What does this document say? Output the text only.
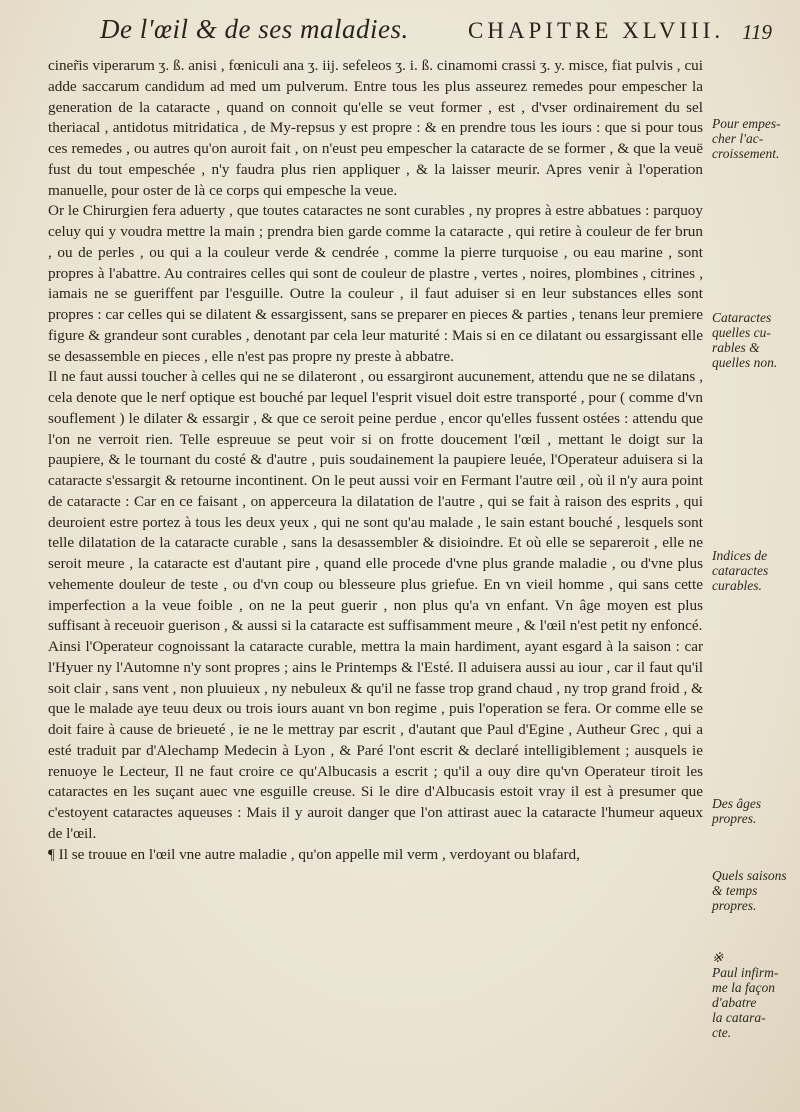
De l'œil & de ses maladies.	CHAPITRE XLVIII. 119

ciner̃is viperarum ʒ. ß. anisi , fœniculi ana ʒ. iij. sefeleos ʒ. i. ß. cinamomi crassi ʒ. y. misce, fiat pulvis , cui adde saccarum candidum ad med um pulverum. Entre tous les plus asseurez remedes pour empescher la generation de la cataracte , quand on connoit qu'elle se veut former , est , d'vser ordinairement du sel theriacal , antidotus mitridatica , de My-repsus y est propre : & en prendre tous les iours : que si pour tous ces remedes , ou autres qu'on auroit fait , on n'eust peu empescher la cataracte de se former , & que la veuë fust du tout empeschée , n'y faudra plus rien appliquer , & la laisser meurir. Apres venir à l'operation manuelle, pour oster de là ce corps qui empesche la veue.

Or le Chirurgien fera aduerty , que toutes cataractes ne sont curables , ny propres à estre abbatues : parquoy celuy qui y voudra mettre la main ; prendra bien garde comme la cataracte , qui retire à couleur de fer brun , ou de perles , ou qui a la couleur verde & cendrée , comme la pierre turquoise , ou eau marine , sont propres à l'abattre. Au contraires celles qui sont de couleur de plastre , vertes , noires, plombines , citrines , iamais ne se gueriffent par l'esguille. Outre la couleur , il faut aduiser si en leur substances elles sont propres : car celles qui se dilatent & essargissent, sans se preparer en pieces & parties , tenans leur premiere figure & grandeur sont curables , denotant par cela leur maturité : Mais si en ce dilatant ou essargissant elle se desassemble en pieces , elle n'est pas propre ny preste à abbatre.

Il ne faut aussi toucher à celles qui ne se dilateront , ou essargiront aucunement, attendu que ne se dilatans , cela denote que le nerf optique est bouché par lequel l'esprit visuel doit estre transporté , pour ( comme d'vn souflement ) le dilater & essargir , & que ce seroit peine perdue , encor qu'elles fussent ostées : attendu que l'on ne verroit rien. Telle espreuue se peut voir si on frotte doucement l'œil , mettant le doigt sur la paupiere, & le tournant du costé & d'autre , puis soudainement la paupiere leuée, l'Operateur aduisera si la cataracte s'essargit & retourne incontinent. On le peut aussi voir en Fermant l'autre œil , où il n'y aura point de cataracte : Car en ce faisant , on apperceura la dilatation de l'autre , qui se fait à raison des esprits , qui deuroient estre portez à tous les deux yeux , qui ne sont qu'au malade , le sain estant bouché , lesquels sont telle dilatation de la cataracte curable , sans la desassembler & disioindre. Et où elle se separeroit , elle ne seroit meure , la cataracte est d'autant pire , quand elle procede d'vne plus grande maladie , ou d'vne plus vehemente douleur de teste , ou d'vn coup ou blesseure plus griefue. En vn vieil homme , qui sans cette imperfection a la veue foible , on ne la peut guerir , non plus qu'a vn enfant. Vn âge moyen est plus suffisant à receuoir guerison , & aussi si la cataracte est suffisamment meure , & l'œil n'est petit ny enfoncé.

Ainsi l'Operateur cognoissant la cataracte curable, mettra la main hardiment, ayant esgard à la saison : car l'Hyuer ny l'Automne n'y sont propres ; ains le Printemps & l'Esté. Il aduisera aussi au iour , car il faut qu'il soit clair , sans vent , non pluuieux , ny nebuleux & qu'il ne fasse trop grand chaud , ny trop grand froid , & que le malade aye teuu deux ou trois iours auant vn bon regime , puis l'operation se fera. Or comme elle se doit faire à cause de brieueté , ie ne le mettray par escrit , d'autant que Paul d'Egine , Autheur Grec , qui a esté traduit par d'Alechamp Medecin à Lyon , & Paré l'ont escrit & declaré intelligiblement ; ausquels ie renuoye le Lecteur, Il ne faut croire ce qu'Albucasis a escrit ; qu'il a ouy dire qu'vn Operateur tiroit les cataractes en les suçant auec vne esguille creuse. Si le dire d'Albucasis estoit vray il est à presumer que c'estoyent cataractes aqueuses : Mais il y auroit danger que l'on attirast auec la cataracte l'humeur aqueux de l'œil.

¶ Il se trouue en l'œil vne autre maladie , qu'on appelle mil verm , verdoyant ou blafard,

Pour empes-
cher l'ac-
croissement.
Cataractes
quelles cu-
rables &
quelles non.
Indices de
cataractes
curables.
Des âges
propres.
Quels saisons
& temps
propres.
※
Paul infirm-
me la façon
d'abatre
la catara-
cte.
